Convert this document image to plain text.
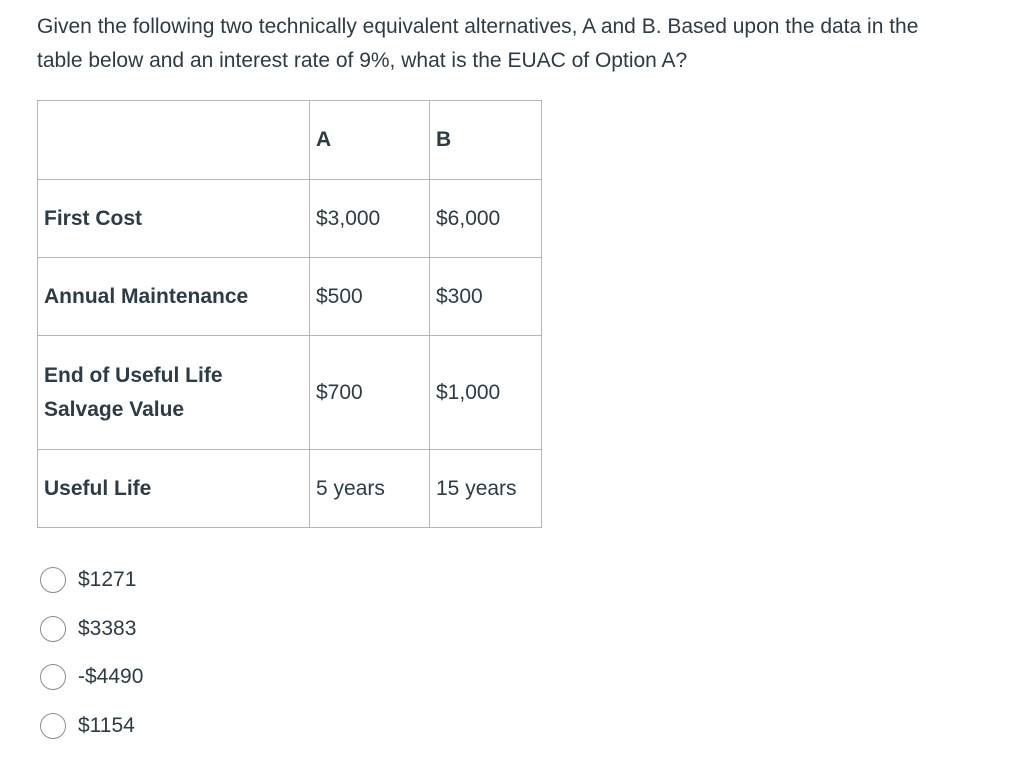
Given the following two technically equivalent alternatives, A and B. Based upon the data in the table below and an interest rate of 9%, what is the EUAC of Option A?
	A	B

First Cost	$3,000	$6,000

Annual Maintenance	$500	$300

End of Useful Life
Salvage Value	$700	$1,000

Useful Life	5 years	15 years
$1271
$3383
-$4490
$1154
